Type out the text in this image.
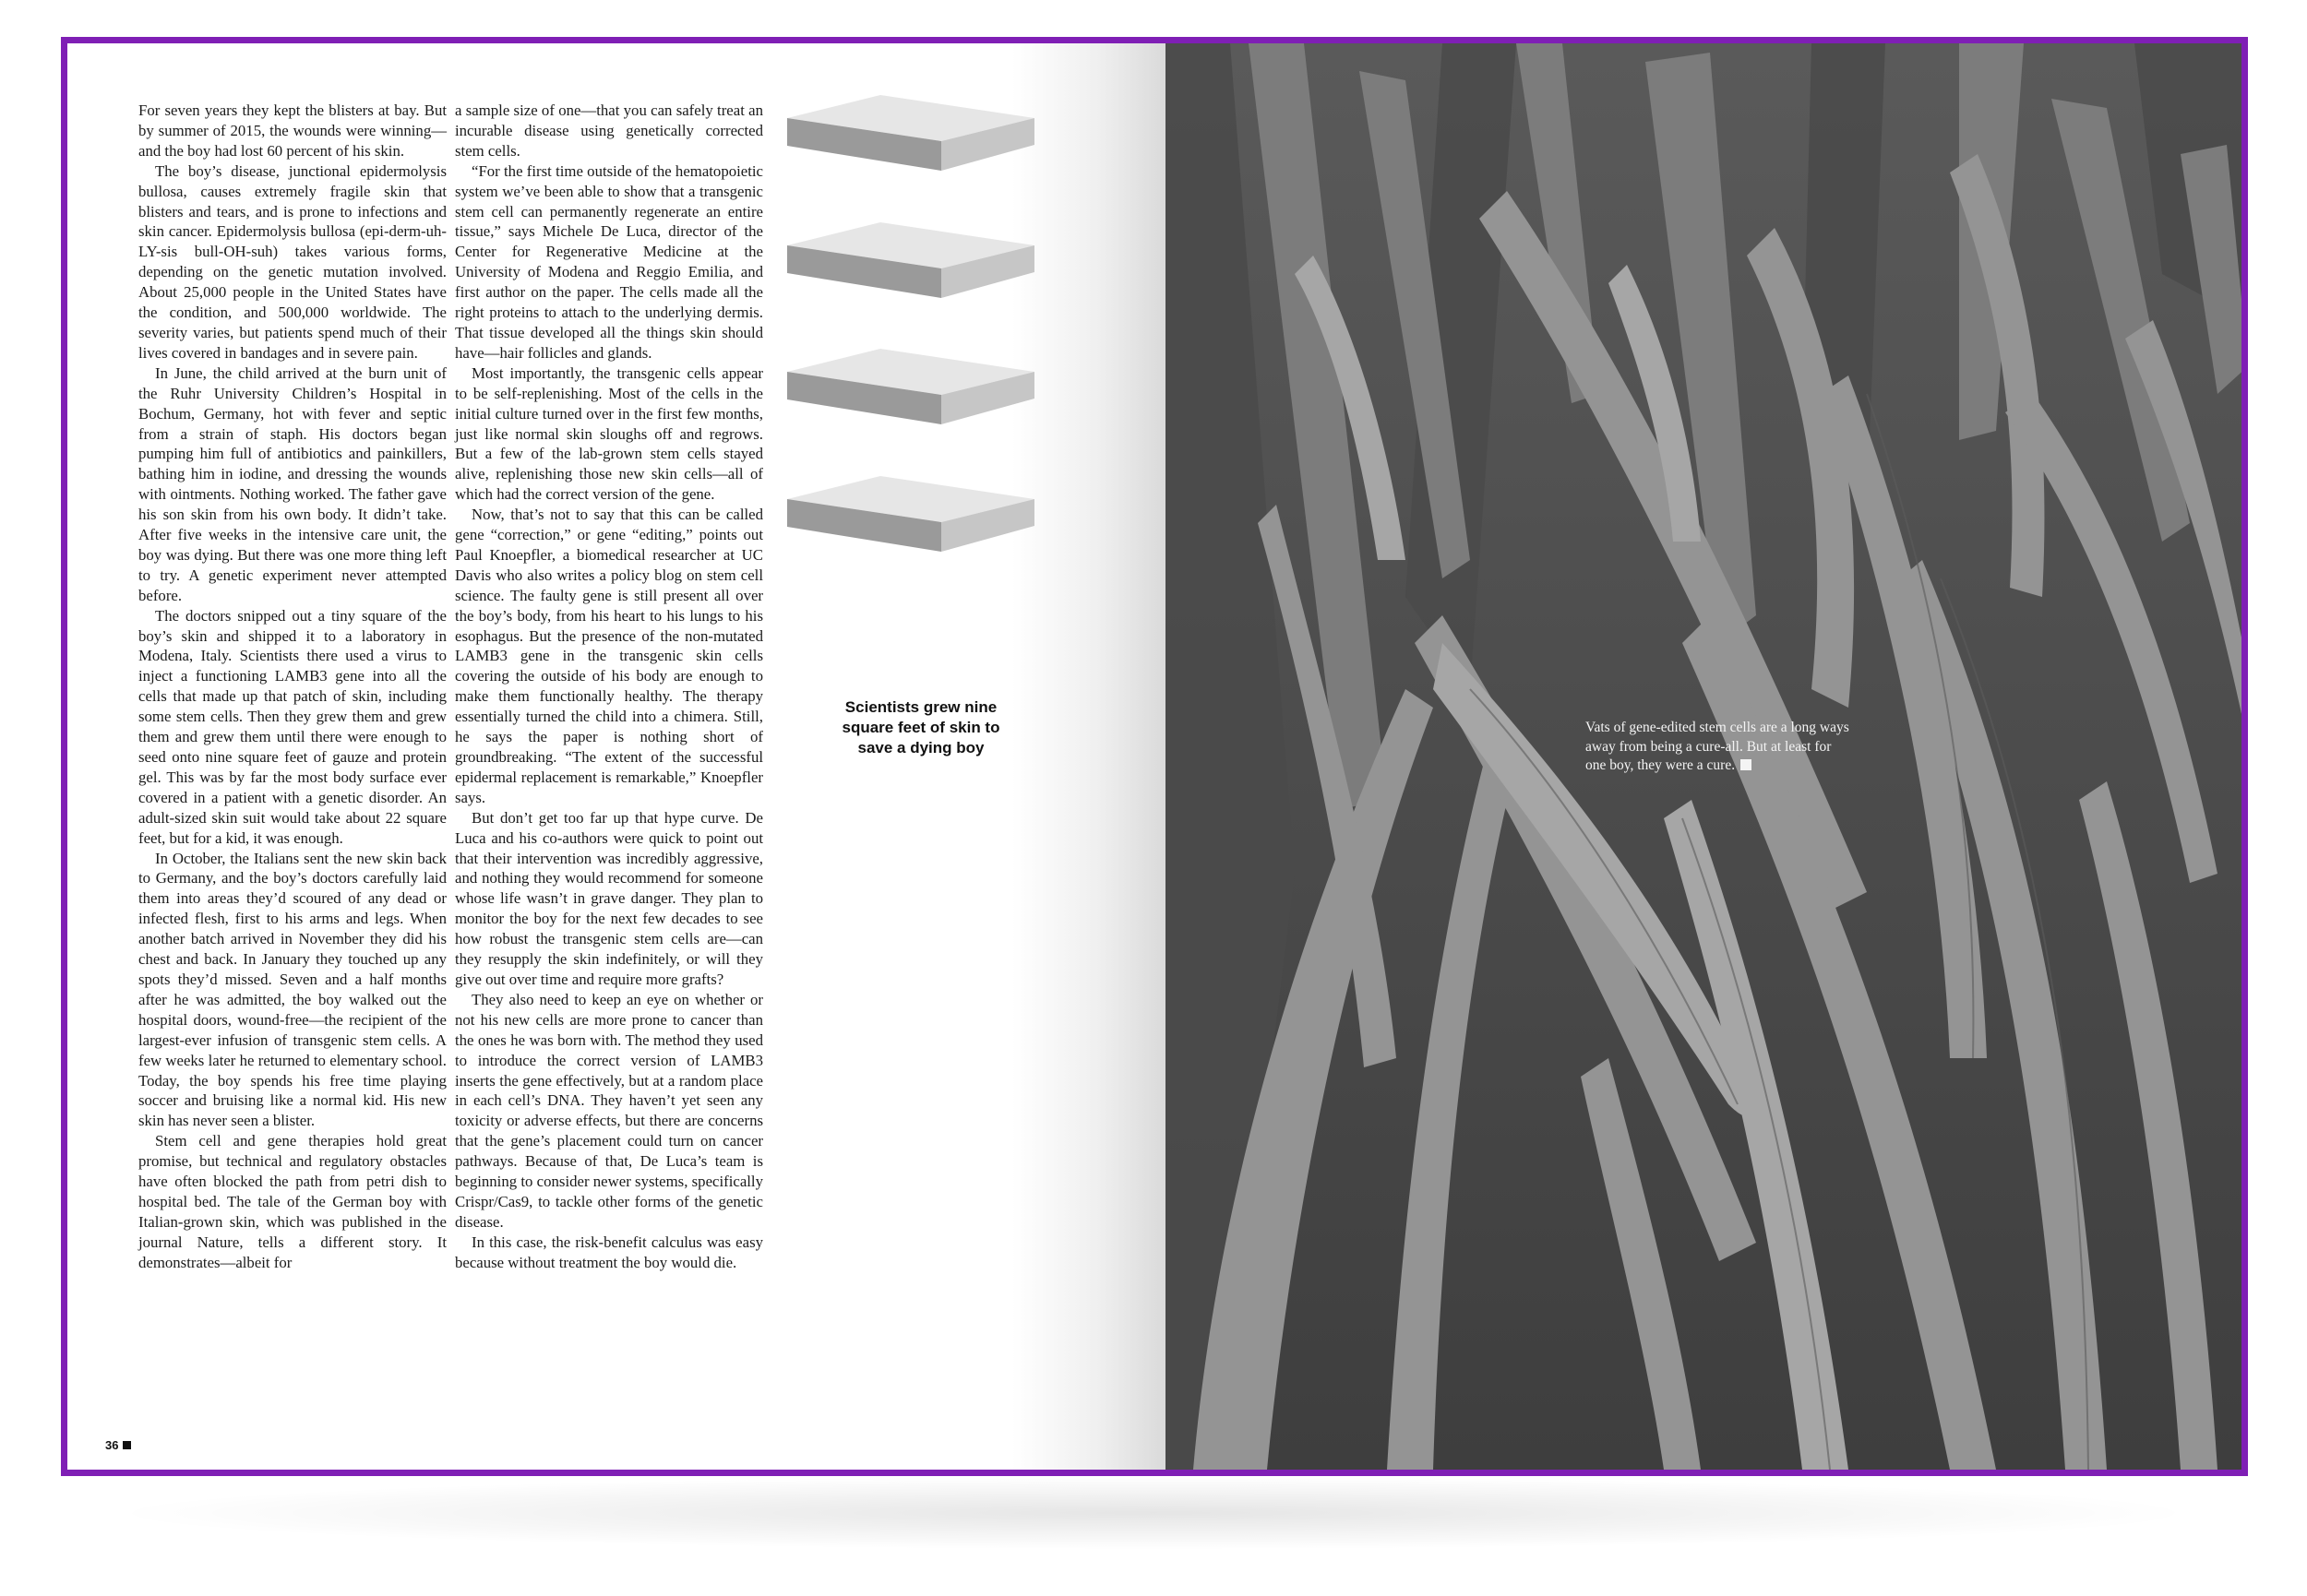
For seven years they kept the blisters at bay. But by summer of 2015, the wounds were winning—and the boy had lost 60 percent of his skin.

The boy’s disease, junctional epidermolysis bullosa, causes extremely fragile skin that blisters and tears, and is prone to infections and skin cancer. Epidermolysis bullosa (epi-derm-uh-LY-sis bull-OH-suh) takes various forms, depending on the genetic mutation involved. About 25,000 people in the United States have the condition, and 500,000 worldwide. The severity varies, but patients spend much of their lives covered in bandages and in severe pain.

In June, the child arrived at the burn unit of the Ruhr University Children’s Hospital in Bochum, Germany, hot with fever and septic from a strain of staph. His doctors began pumping him full of antibiotics and painkillers, bathing him in iodine, and dressing the wounds with ointments. Nothing worked. The father gave his son skin from his own body. It didn’t take. After five weeks in the intensive care unit, the boy was dying. But there was one more thing left to try. A genetic experiment never attempted before.

The doctors snipped out a tiny square of the boy’s skin and shipped it to a laboratory in Modena, Italy. Scientists there used a virus to inject a functioning LAMB3 gene into all the cells that made up that patch of skin, including some stem cells. Then they grew them and grew them and grew them until there were enough to seed onto nine square feet of gauze and protein gel. This was by far the most body surface ever covered in a patient with a genetic disorder. An adult-sized skin suit would take about 22 square feet, but for a kid, it was enough.

In October, the Italians sent the new skin back to Germany, and the boy’s doctors carefully laid them into areas they’d scoured of any dead or infected flesh, first to his arms and legs. When another batch arrived in November they did his chest and back. In January they touched up any spots they’d missed. Seven and a half months after he was admitted, the boy walked out the hospital doors, wound-free—the recipient of the largest-ever infusion of transgenic stem cells. A few weeks later he returned to elementary school. Today, the boy spends his free time playing soccer and bruising like a normal kid. His new skin has never seen a blister.

Stem cell and gene therapies hold great promise, but technical and regulatory obstacles have often blocked the path from petri dish to hospital bed. The tale of the German boy with Italian-grown skin, which was published in the journal Nature, tells a different story. It demonstrates—albeit for

a sample size of one—that you can safely treat an incurable disease using genetically corrected stem cells.

“For the first time outside of the hematopoietic system we’ve been able to show that a transgenic stem cell can permanently regenerate an entire tissue,” says Michele De Luca, director of the Center for Regenerative Medicine at the University of Modena and Reggio Emilia, and first author on the paper. The cells made all the right proteins to attach to the underlying dermis. That tissue developed all the things skin should have—hair follicles and glands.

Most importantly, the transgenic cells appear to be self-replenishing. Most of the cells in the initial culture turned over in the first few months, just like normal skin sloughs off and regrows. But a few of the lab-grown stem cells stayed alive, replenishing those new skin cells—all of which had the correct version of the gene.

Now, that’s not to say that this can be called gene “correction,” or gene “editing,” points out Paul Knoepfler, a biomedical researcher at UC Davis who also writes a policy blog on stem cell science. The faulty gene is still present all over the boy’s body, from his heart to his lungs to his esophagus. But the presence of the non-mutated LAMB3 gene in the transgenic skin cells covering the outside of his body are enough to make them functionally healthy. The therapy essentially turned the child into a chimera. Still, he says the paper is nothing short of groundbreaking. “The extent of the successful epidermal replacement is remarkable,” Knoepfler says.

But don’t get too far up that hype curve. De Luca and his co-authors were quick to point out that their intervention was incredibly aggressive, and nothing they would recommend for someone whose life wasn’t in grave danger. They plan to monitor the boy for the next few decades to see how robust the transgenic stem cells are—can they resupply the skin indefinitely, or will they give out over time and require more grafts?

They also need to keep an eye on whether or not his new cells are more prone to cancer than the ones he was born with. The method they used to introduce the correct version of LAMB3 inserts the gene effectively, but at a random place in each cell’s DNA. They haven’t yet seen any toxicity or adverse effects, but there are concerns that the gene’s placement could turn on cancer pathways. Because of that, De Luca’s team is beginning to consider newer systems, specifically Crispr/Cas9, to tackle other forms of the genetic disease.

In this case, the risk-benefit calculus was easy because without treatment the boy would die.

Scientists grew nine square feet of skin to save a dying boy
36
Vats of gene-edited stem cells are a long ways away from being a cure-all. But at least for one boy, they were a cure.
